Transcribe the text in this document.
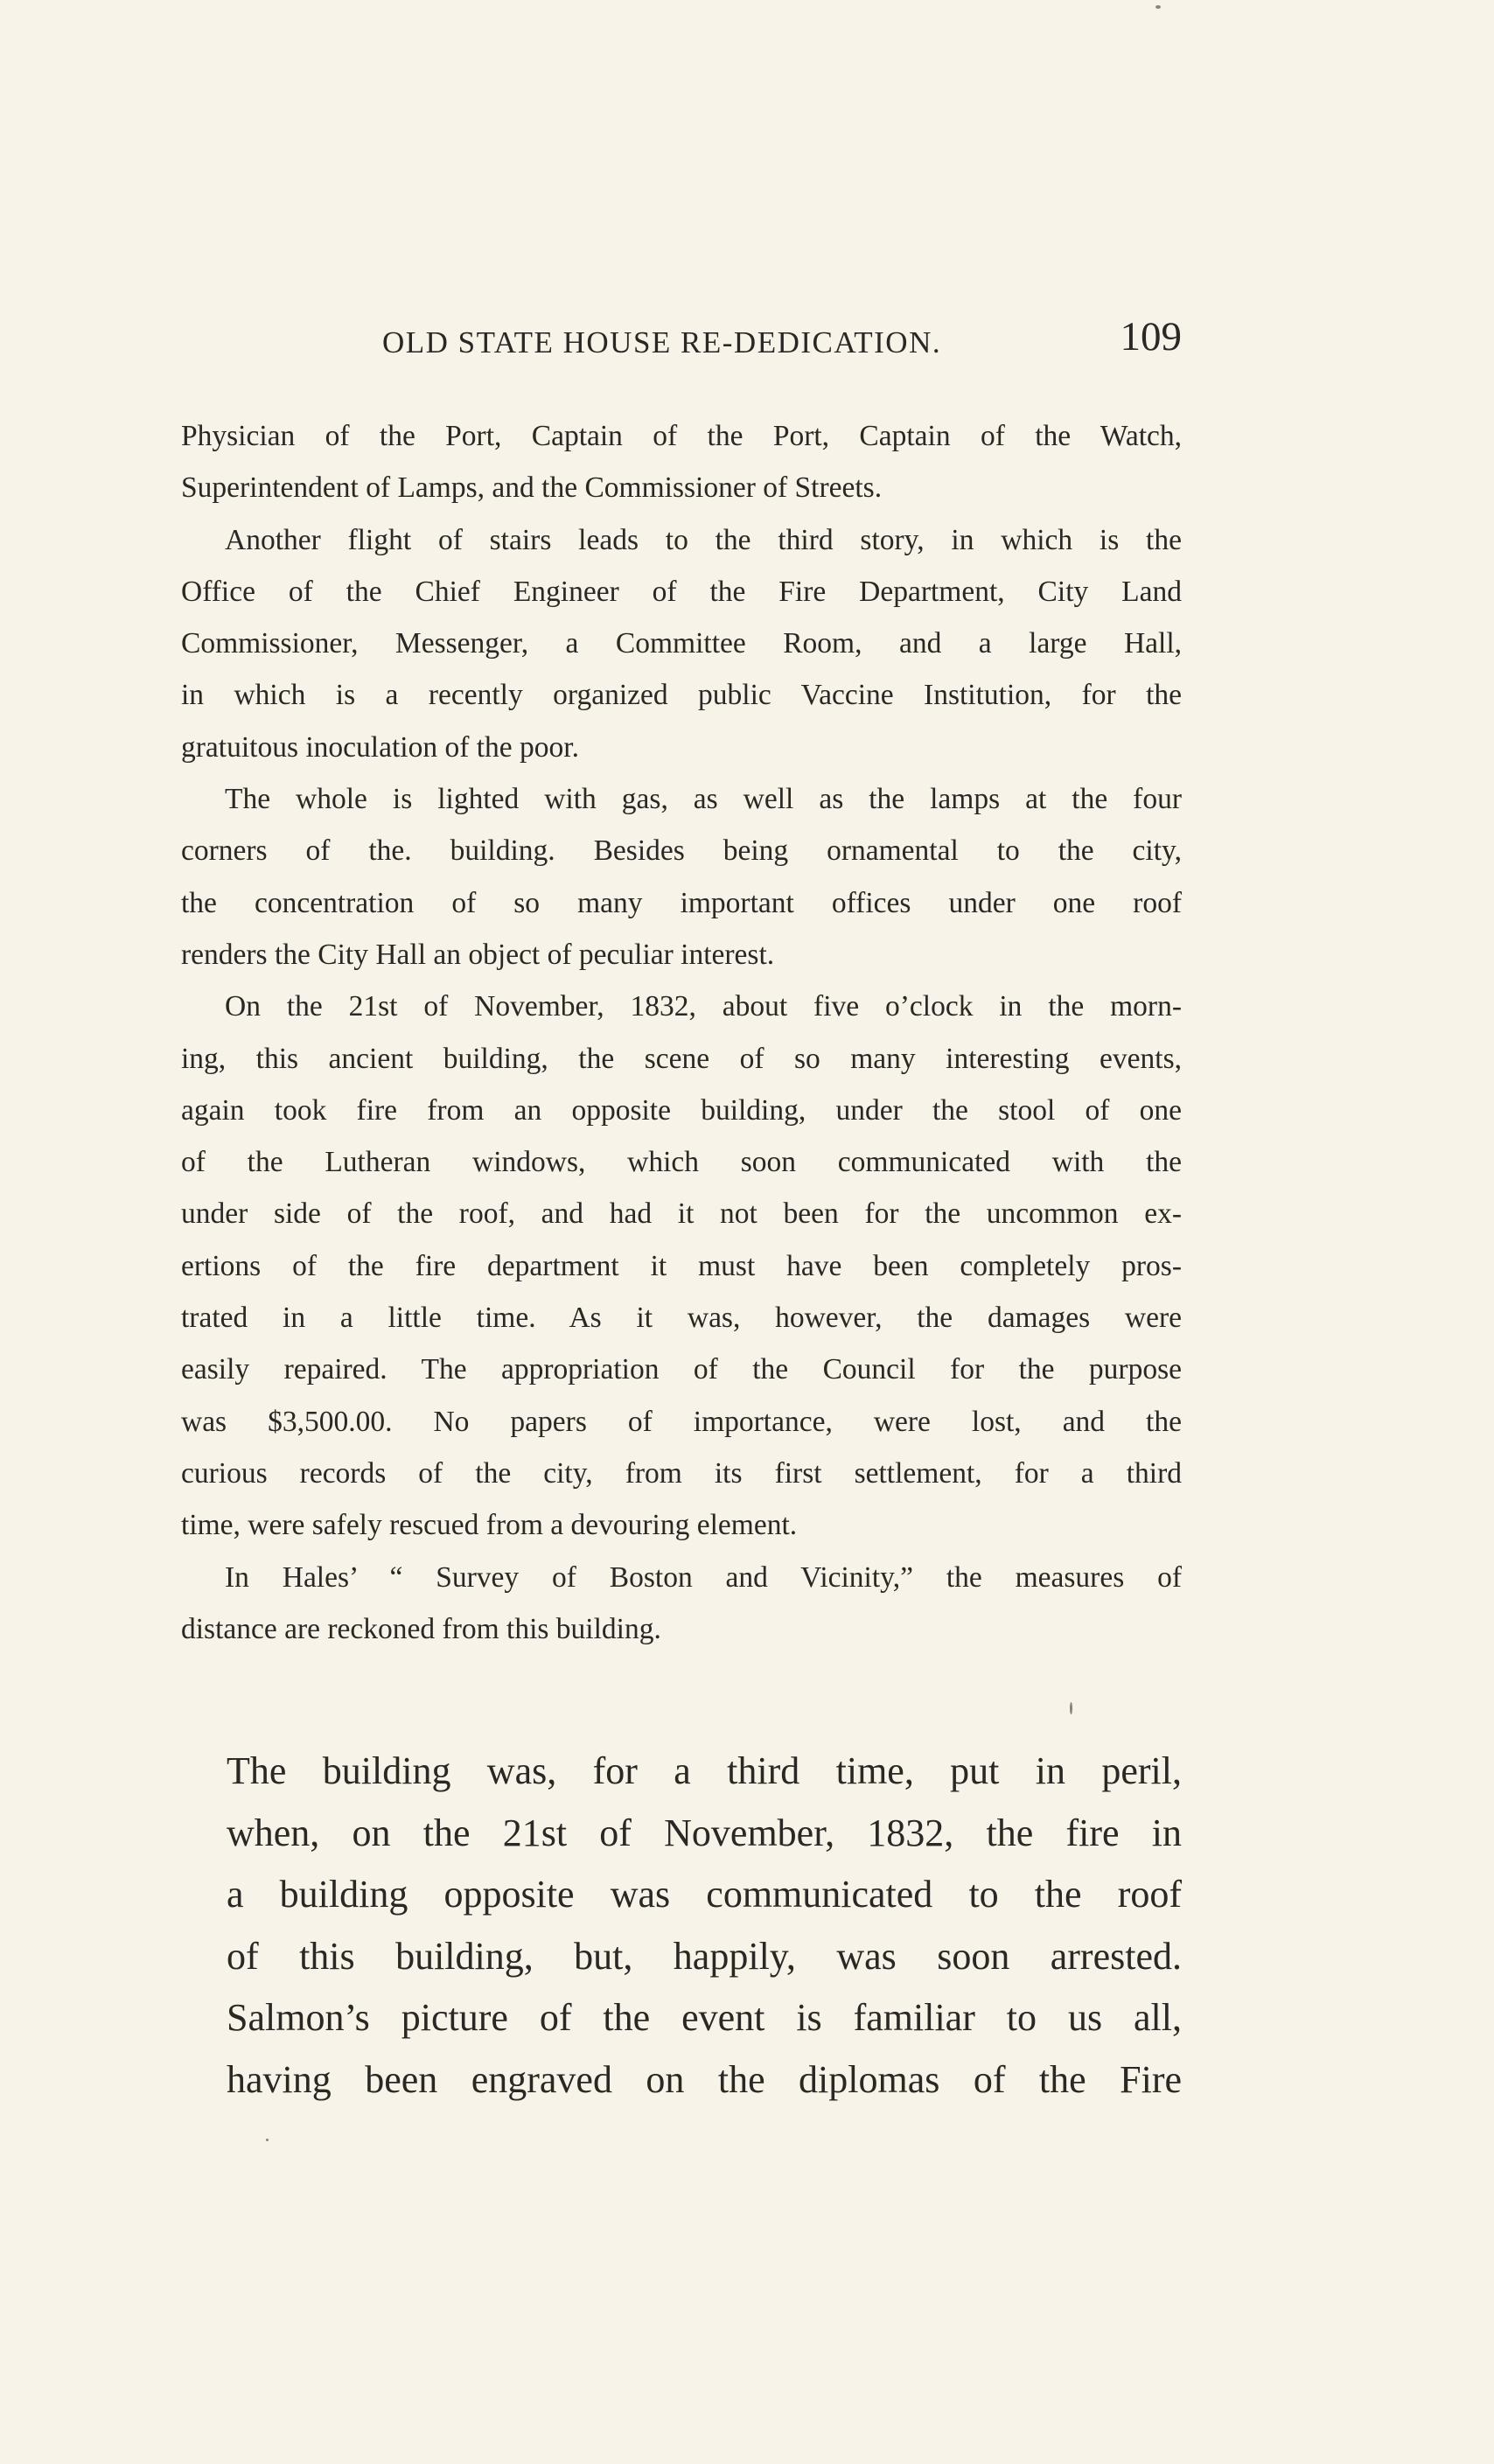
OLD STATE HOUSE RE-DEDICATION.	109

Physician of the Port, Captain of the Port, Captain of the Watch,

Superintendent of Lamps, and the Commissioner of Streets.

Another flight of stairs leads to the third story, in which is the

Office of the Chief Engineer of the Fire Department, City Land

Commissioner, Messenger, a Committee Room, and a large Hall,

in which is a recently organized public Vaccine Institution, for the

gratuitous inoculation of the poor.

The whole is lighted with gas, as well as the lamps at the four

corners of the. building. Besides being ornamental to the city,

the concentration of so many important offices under one roof

renders the City Hall an object of peculiar interest.

On the 21st of November, 1832, about five o’clock in the morn-

ing, this ancient building, the scene of so many interesting events,

again took fire from an opposite building, under the stool of one

of the Lutheran windows, which soon communicated with the

under side of the roof, and had it not been for the uncommon ex-

ertions of the fire department it must have been completely pros-

trated in a little time. As it was, however, the damages were

easily repaired. The appropriation of the Council for the purpose

was $3,500.00. No papers of importance, were lost, and the

curious records of the city, from its first settlement, for a third

time, were safely rescued from a devouring element.

In Hales’ “ Survey of Boston and Vicinity,” the measures of

distance are reckoned from this building.

The building was, for a third time, put in peril,

when, on the 21st of November, 1832, the fire in

a building opposite was communicated to the roof

of this building, but, happily, was soon arrested.

Salmon’s picture of the event is familiar to us all,

having been engraved on the diplomas of the Fire
